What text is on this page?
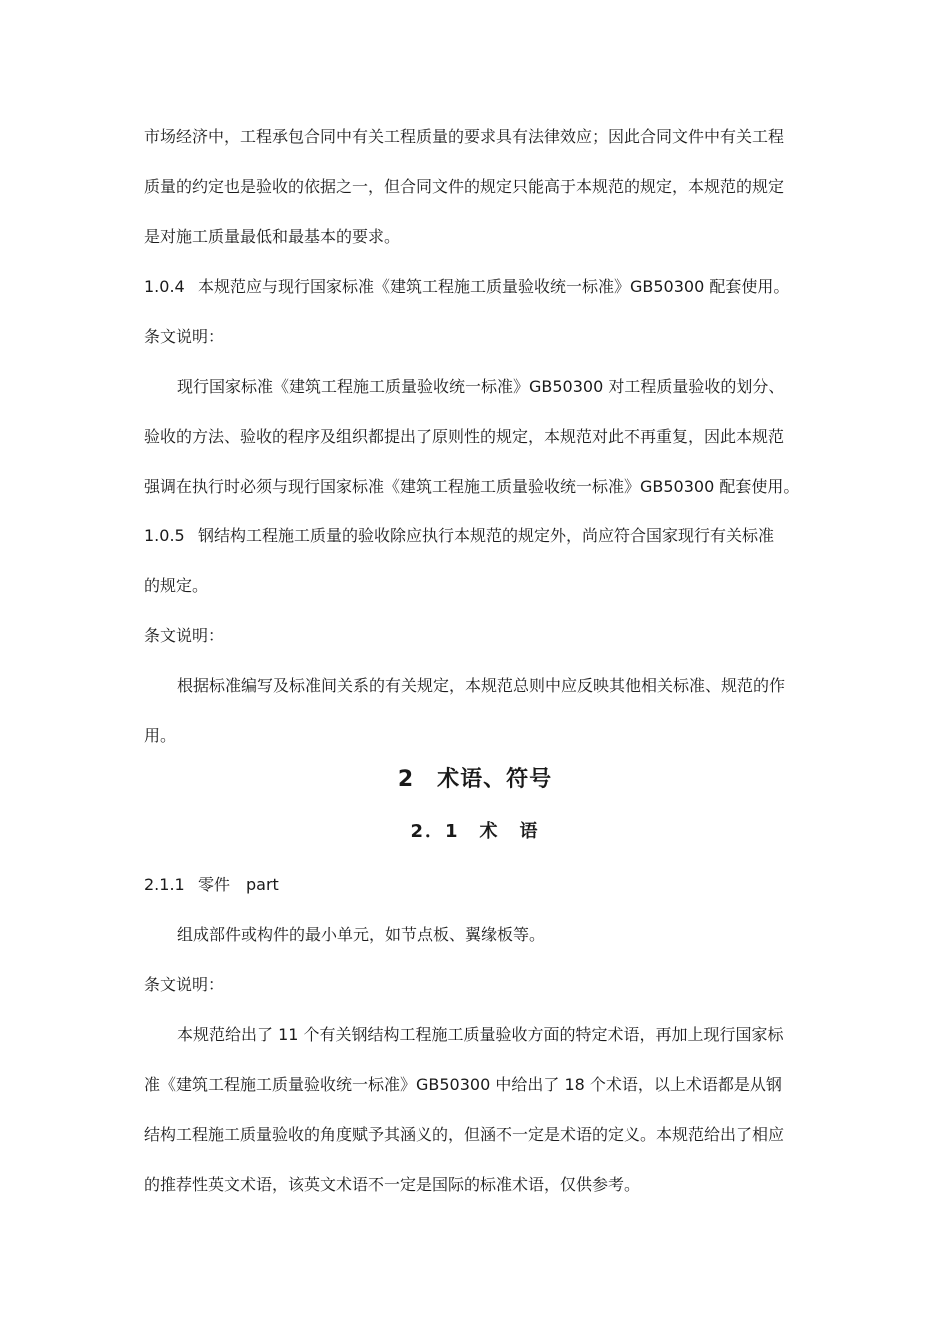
市场经济中，工程承包合同中有关工程质量的要求具有法律效应；因此合同文件中有关工程
质量的约定也是验收的依据之一，但合同文件的规定只能高于本规范的规定，本规范的规定
是对施工质量最低和最基本的要求。
1.0.4 本规范应与现行国家标准《建筑工程施工质量验收统一标准》GB50300 配套使用。
条文说明：
现行国家标准《建筑工程施工质量验收统一标准》GB50300 对工程质量验收的划分、
验收的方法、验收的程序及组织都提出了原则性的规定，本规范对此不再重复，因此本规范
强调在执行时必须与现行国家标准《建筑工程施工质量验收统一标准》GB50300 配套使用。
1.0.5 钢结构工程施工质量的验收除应执行本规范的规定外，尚应符合国家现行有关标准
的规定。
条文说明：
根据标准编写及标准间关系的有关规定，本规范总则中应反映其他相关标准、规范的作
用。
2　术语、符号
2．1　术　语
2.1.1 零件　part
组成部件或构件的最小单元，如节点板、翼缘板等。
条文说明：
本规范给出了 11 个有关钢结构工程施工质量验收方面的特定术语，再加上现行国家标
准《建筑工程施工质量验收统一标准》GB50300 中给出了 18 个术语，以上术语都是从钢
结构工程施工质量验收的角度赋予其涵义的，但涵不一定是术语的定义。本规范给出了相应
的推荐性英文术语，该英文术语不一定是国际的标准术语，仅供参考。
